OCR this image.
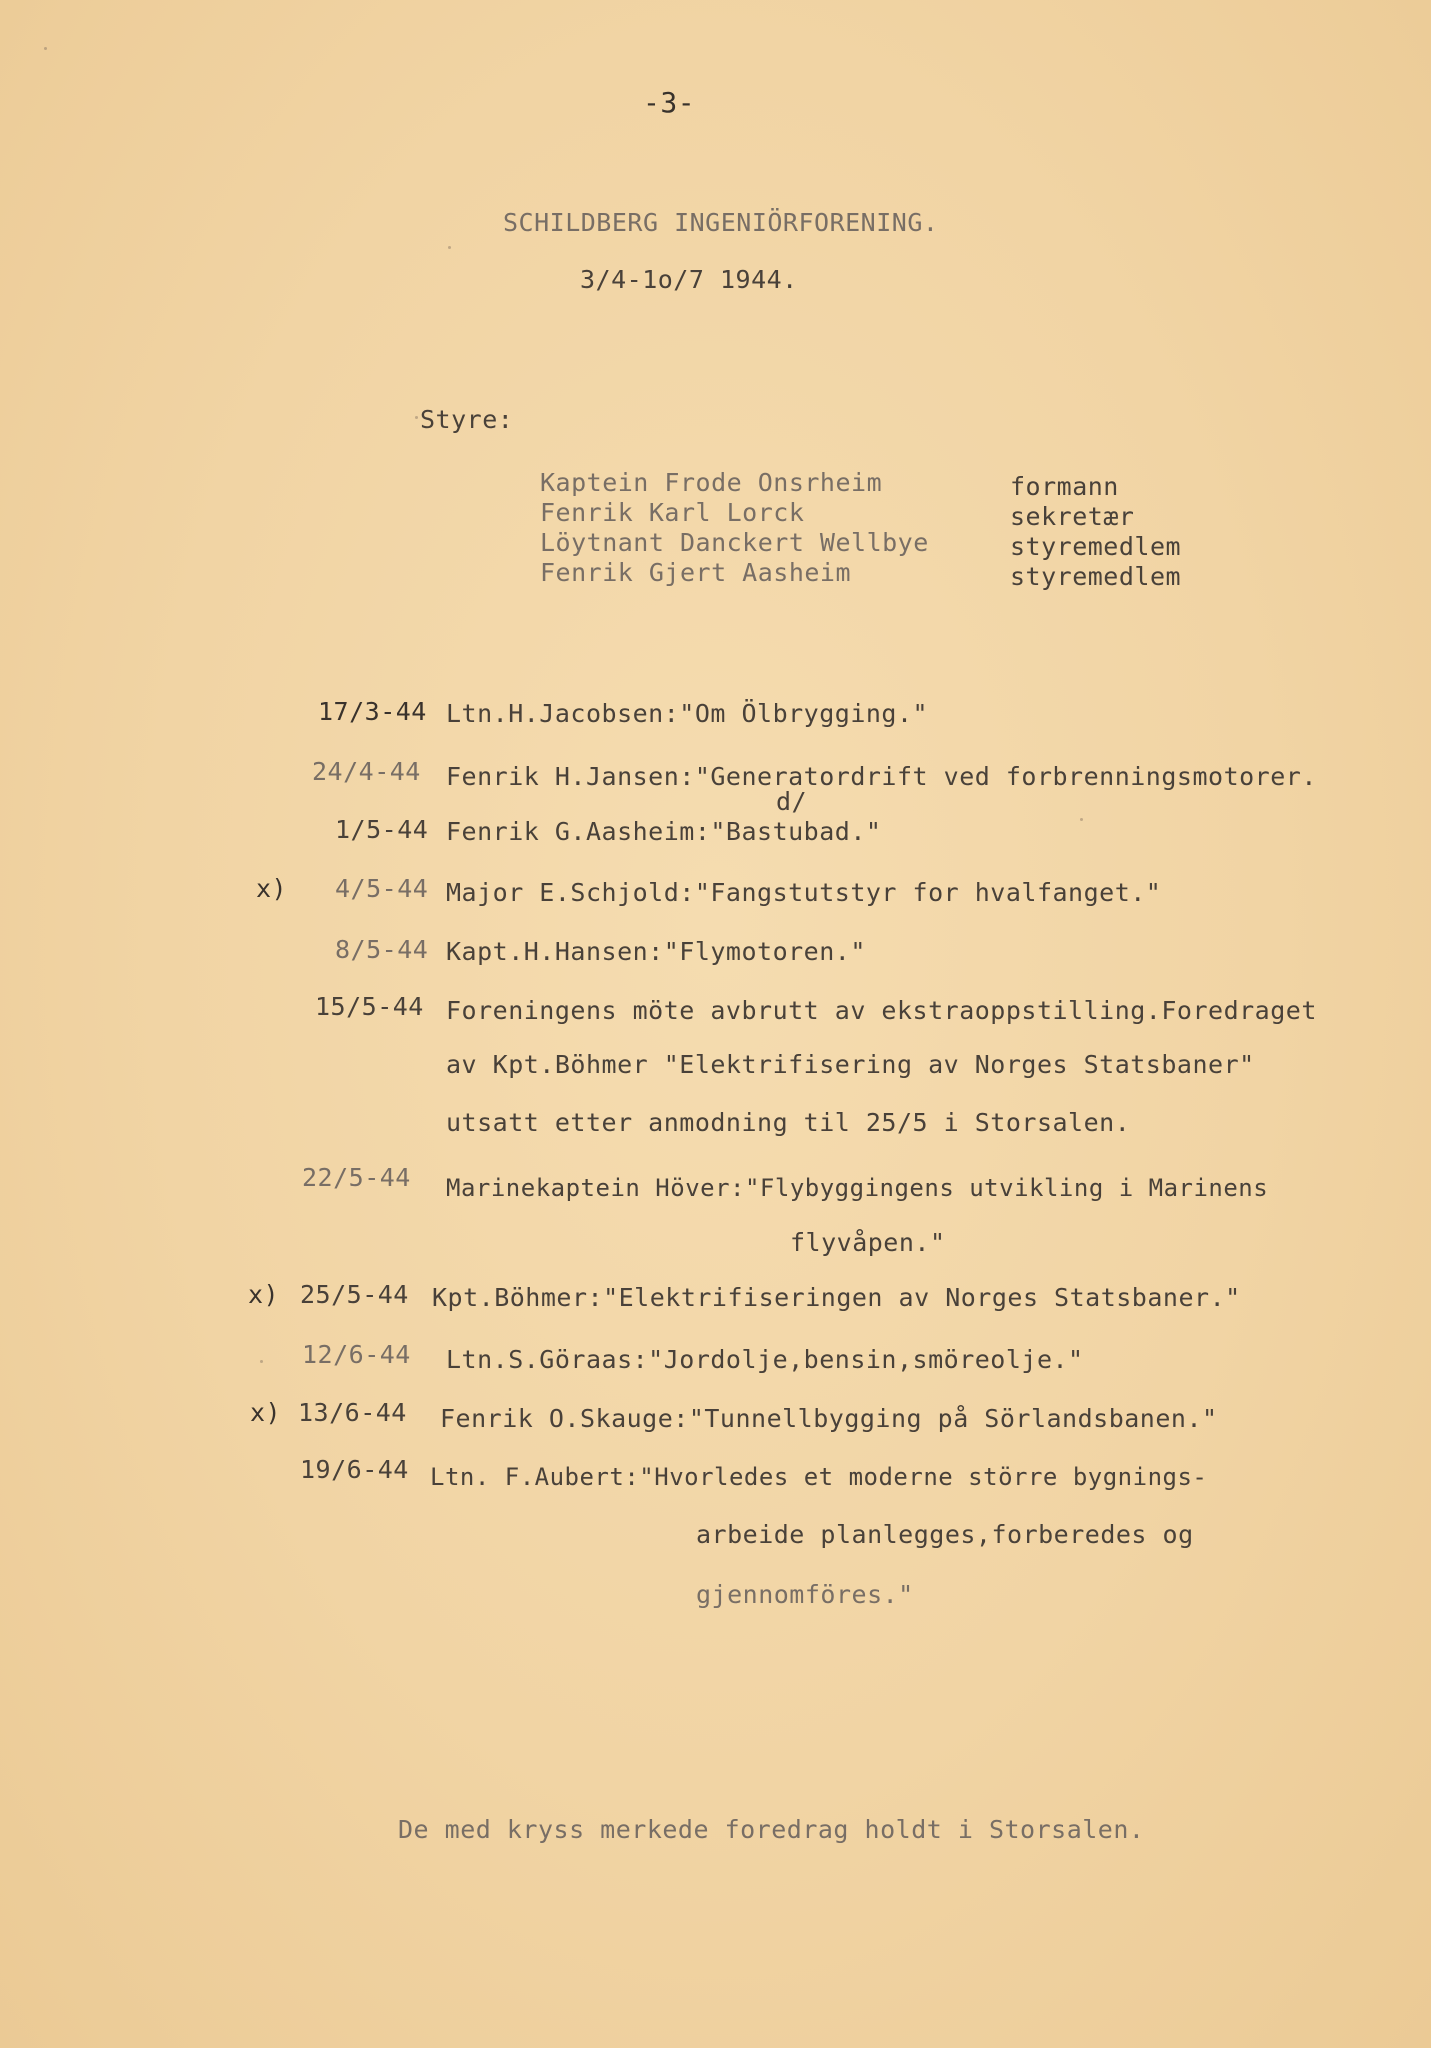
-3-
SCHILDBERG INGENIÖRFORENING.
3/4-1o/7 1944.
Styre:
Kaptein Frode Onsrheim	formann
Fenrik Karl Lorck	sekretær
Löytnant Danckert Wellbye	styremedlem
Fenrik Gjert Aasheim	styremedlem
17/3-44 Ltn.H.Jacobsen:"Om Ölbrygging."
24/4-44 Fenrik H.Jansen:"Generatordrift ved forbrenningsmotorer.
d/
1/5-44 Fenrik G.Aasheim:"Bastubad."
x) 4/5-44 Major E.Schjold:"Fangstutstyr for hvalfanget."
8/5-44 Kapt.H.Hansen:"Flymotoren."
15/5-44 Foreningens möte avbrutt av ekstraoppstilling.Foredraget
av Kpt.Böhmer "Elektrifisering av Norges Statsbaner"
utsatt etter anmodning til 25/5 i Storsalen.
22/5-44 Marinekaptein Höver:"Flybyggingens utvikling i Marinens
flyvåpen."
x) 25/5-44 Kpt.Böhmer:"Elektrifiseringen av Norges Statsbaner."
12/6-44 Ltn.S.Göraas:"Jordolje,bensin,smöreolje."
x) 13/6-44 Fenrik O.Skauge:"Tunnellbygging på Sörlandsbanen."
19/6-44 Ltn. F.Aubert:"Hvorledes et moderne större bygnings-
arbeide planlegges,forberedes og
gjennomföres."
De med kryss merkede foredrag holdt i Storsalen.
